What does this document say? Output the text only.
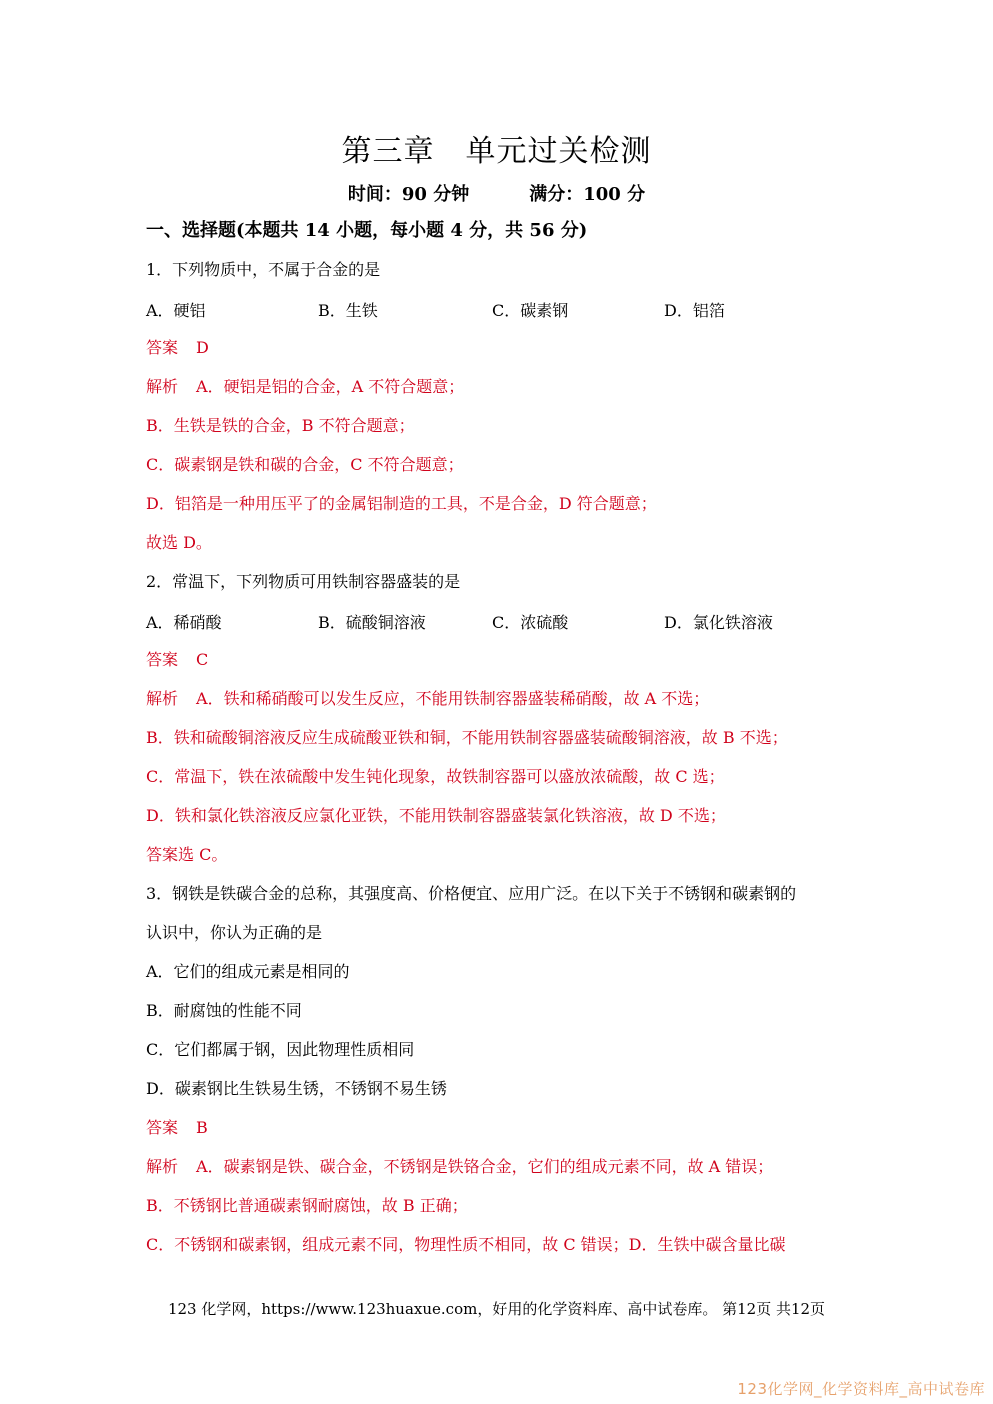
第三章　单元过关检测
时间：90 分钟	满分：100 分
一、选择题(本题共 14 小题，每小题 4 分，共 56 分)
1．下列物质中，不属于合金的是
A．硬铝	B．生铁	C．碳素钢	D．铝箔
答案 D
解析 A．硬铝是铝的合金，A 不符合题意；
B．生铁是铁的合金，B 不符合题意；
C．碳素钢是铁和碳的合金，C 不符合题意；
D．铝箔是一种用压平了的金属铝制造的工具，不是合金，D 符合题意；
故选 D。
2．常温下，下列物质可用铁制容器盛装的是
A．稀硝酸	B．硫酸铜溶液	C．浓硫酸	D．氯化铁溶液
答案 C
解析 A．铁和稀硝酸可以发生反应，不能用铁制容器盛装稀硝酸，故 A 不选；
B．铁和硫酸铜溶液反应生成硫酸亚铁和铜，不能用铁制容器盛装硫酸铜溶液，故 B 不选；
C．常温下，铁在浓硫酸中发生钝化现象，故铁制容器可以盛放浓硫酸，故 C 选；
D．铁和氯化铁溶液反应氯化亚铁，不能用铁制容器盛装氯化铁溶液，故 D 不选；
答案选 C。
3．钢铁是铁碳合金的总称，其强度高、价格便宜、应用广泛。在以下关于不锈钢和碳素钢的
认识中，你认为正确的是
A．它们的组成元素是相同的
B．耐腐蚀的性能不同
C．它们都属于钢，因此物理性质相同
D．碳素钢比生铁易生锈，不锈钢不易生锈
答案 B
解析 A．碳素钢是铁、碳合金，不锈钢是铁铬合金，它们的组成元素不同，故 A 错误；
B．不锈钢比普通碳素钢耐腐蚀，故 B 正确；
C．不锈钢和碳素钢，组成元素不同，物理性质不相同，故 C 错误；D．生铁中碳含量比碳
123 化学网，https://www.123huaxue.com，好用的化学资料库、高中试卷库。 第12页 共12页
123化学网_化学资料库_高中试卷库
